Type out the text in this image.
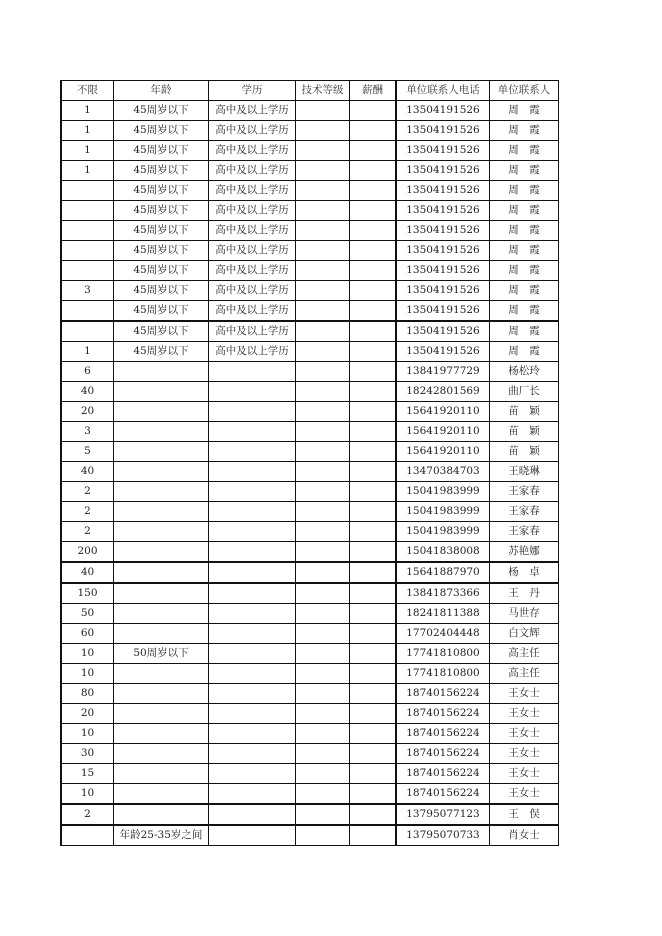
不限	年龄	学历	技术等级	薪酬	单位联系人电话	单位联系人
1	45周岁以下	高中及以上学历			13504191526	周　霞
1	45周岁以下	高中及以上学历			13504191526	周　霞
1	45周岁以下	高中及以上学历			13504191526	周　霞
1	45周岁以下	高中及以上学历			13504191526	周　霞
	45周岁以下	高中及以上学历			13504191526	周　霞
	45周岁以下	高中及以上学历			13504191526	周　霞
	45周岁以下	高中及以上学历			13504191526	周　霞
	45周岁以下	高中及以上学历			13504191526	周　霞
	45周岁以下	高中及以上学历			13504191526	周　霞
3	45周岁以下	高中及以上学历			13504191526	周　霞
	45周岁以下	高中及以上学历			13504191526	周　霞
	45周岁以下	高中及以上学历			13504191526	周　霞
1	45周岁以下	高中及以上学历			13504191526	周　霞
6					13841977729	杨松玲
40					18242801569	曲厂长
20					15641920110	苗　颖
3					15641920110	苗　颖
5					15641920110	苗　颖
40					13470384703	王晓琳
2					15041983999	王家春
2					15041983999	王家春
2					15041983999	王家春
200					15041838008	苏艳娜
40					15641887970	杨　卓
150					13841873366	王　丹
50					18241811388	马世存
60					17702404448	白文辉
10	50周岁以下				17741810800	高主任
10					17741810800	高主任
80					18740156224	王女士
20					18740156224	王女士
10					18740156224	王女士
30					18740156224	王女士
15					18740156224	王女士
10					18740156224	王女士
2					13795077123	王　俣
	年龄25-35岁之间				13795070733	肖女士
